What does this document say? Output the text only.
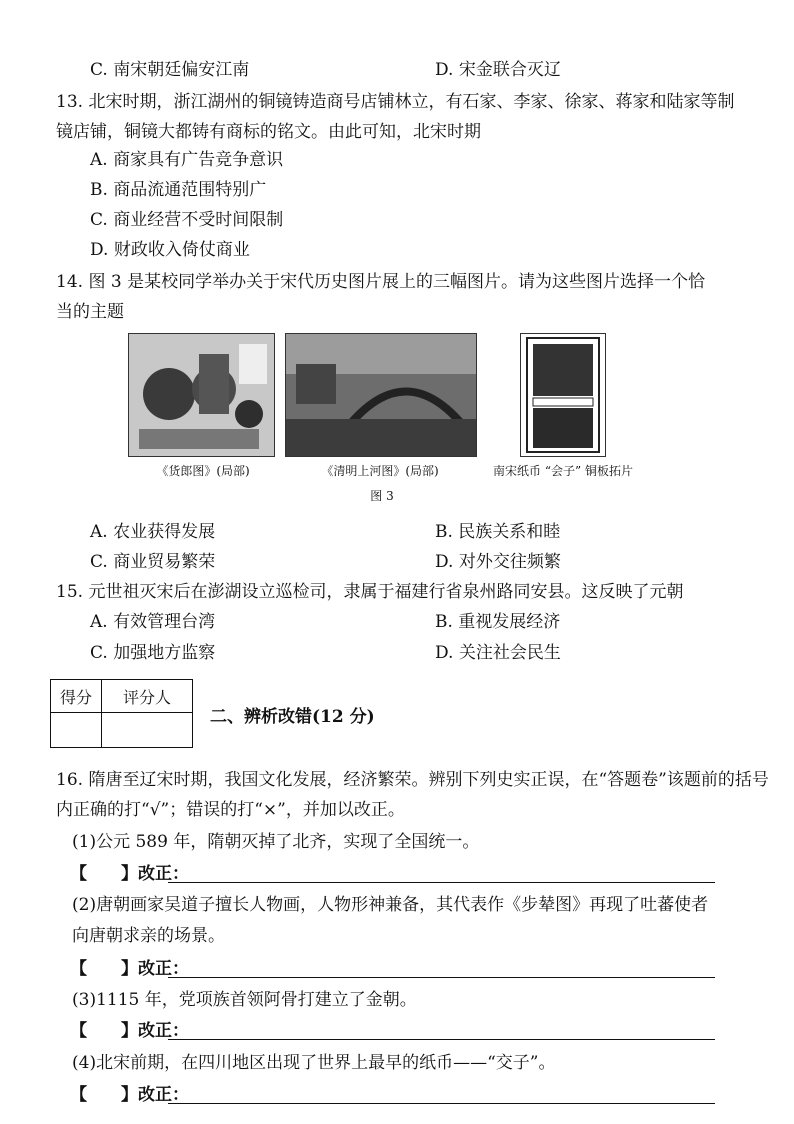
C. 南宋朝廷偏安江南	D. 宋金联合灭辽
13. 北宋时期，浙江湖州的铜镜铸造商号店铺林立，有石家、李家、徐家、蒋家和陆家等制
镜店铺，铜镜大都铸有商标的铭文。由此可知，北宋时期
A. 商家具有广告竞争意识
B. 商品流通范围特别广
C. 商业经营不受时间限制
D. 财政收入倚仗商业
14. 图 3 是某校同学举办关于宋代历史图片展上的三幅图片。请为这些图片选择一个恰
当的主题
《货郎图》(局部)	《清明上河图》(局部)	南宋纸币 “会子” 铜板拓片
图 3
A. 农业获得发展	B. 民族关系和睦
C. 商业贸易繁荣	D. 对外交往频繁
15. 元世祖灭宋后在澎湖设立巡检司，隶属于福建行省泉州路同安县。这反映了元朝
A. 有效管理台湾	B. 重视发展经济
C. 加强地方监察	D. 关注社会民生
得分	评分人

二、辨析改错(12 分)
16. 隋唐至辽宋时期，我国文化发展，经济繁荣。辨别下列史实正误，在“答题卷”该题前的括号
内正确的打“√”；错误的打“×”，并加以改正。
(1)公元 589 年，隋朝灭掉了北齐，实现了全国统一。
【　　】改正：
(2)唐朝画家吴道子擅长人物画，人物形神兼备，其代表作《步辇图》再现了吐蕃使者
向唐朝求亲的场景。
【　　】改正：
(3)1115 年，党项族首领阿骨打建立了金朝。
【　　】改正：
(4)北宋前期，在四川地区出现了世界上最早的纸币——“交子”。
【　　】改正：
